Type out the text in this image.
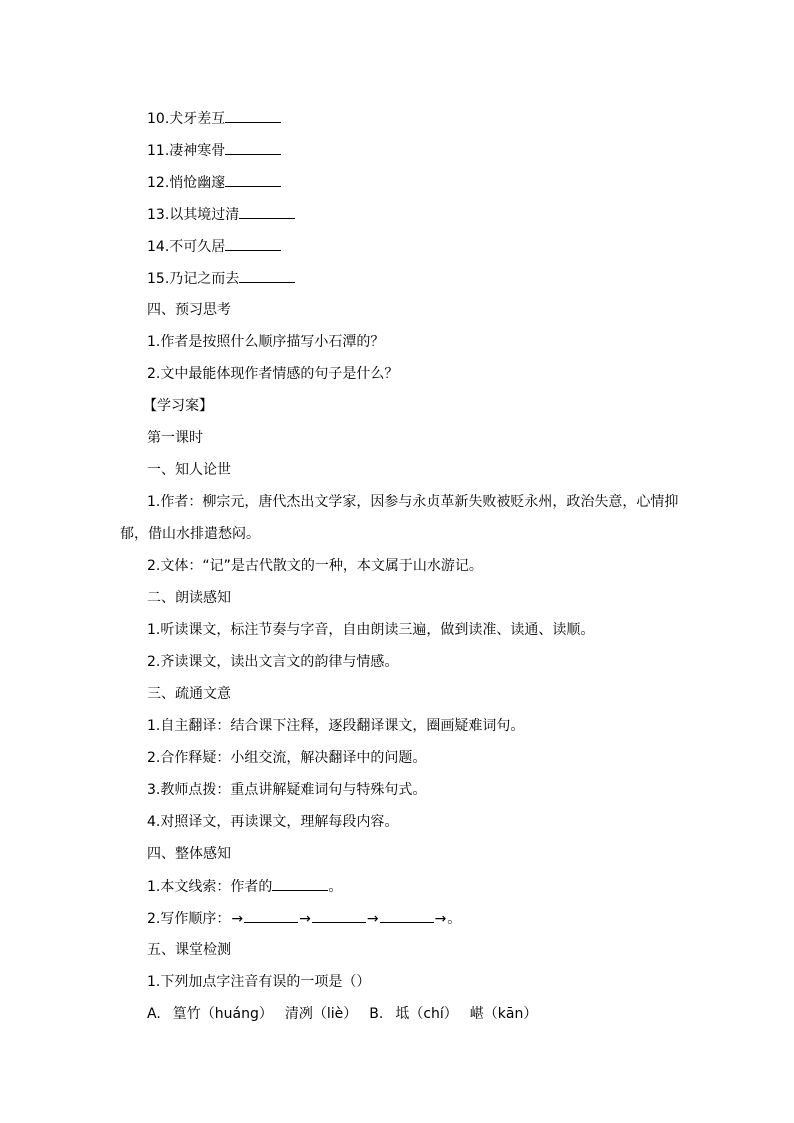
10.犬牙差互
11.凄神寒骨
12.悄怆幽邃
13.以其境过清
14.不可久居
15.乃记之而去
四、预习思考
1.作者是按照什么顺序描写小石潭的？
2.文中最能体现作者情感的句子是什么？
【学习案】
第一课时
一、知人论世
1.作者：柳宗元，唐代杰出文学家，因参与永贞革新失败被贬永州，政治失意，心情抑
郁，借山水排遣愁闷。
2.文体：“记”是古代散文的一种，本文属于山水游记。
二、朗读感知
1.听读课文，标注节奏与字音，自由朗读三遍，做到读准、读通、读顺。
2.齐读课文，读出文言文的韵律与情感。
三、疏通文意
1.自主翻译：结合课下注释，逐段翻译课文，圈画疑难词句。
2.合作释疑：小组交流，解决翻译中的问题。
3.教师点拨：重点讲解疑难词句与特殊句式。
4.对照译文，再读课文，理解每段内容。
四、整体感知
1.本文线索：作者的	。
2.写作顺序：→	→	→	→。
五、课堂检测
1.下列加点字注音有误的一项是（）
A. 篁竹（huáng） 清冽（liè） B. 坻（chí） 嵁（kān）
